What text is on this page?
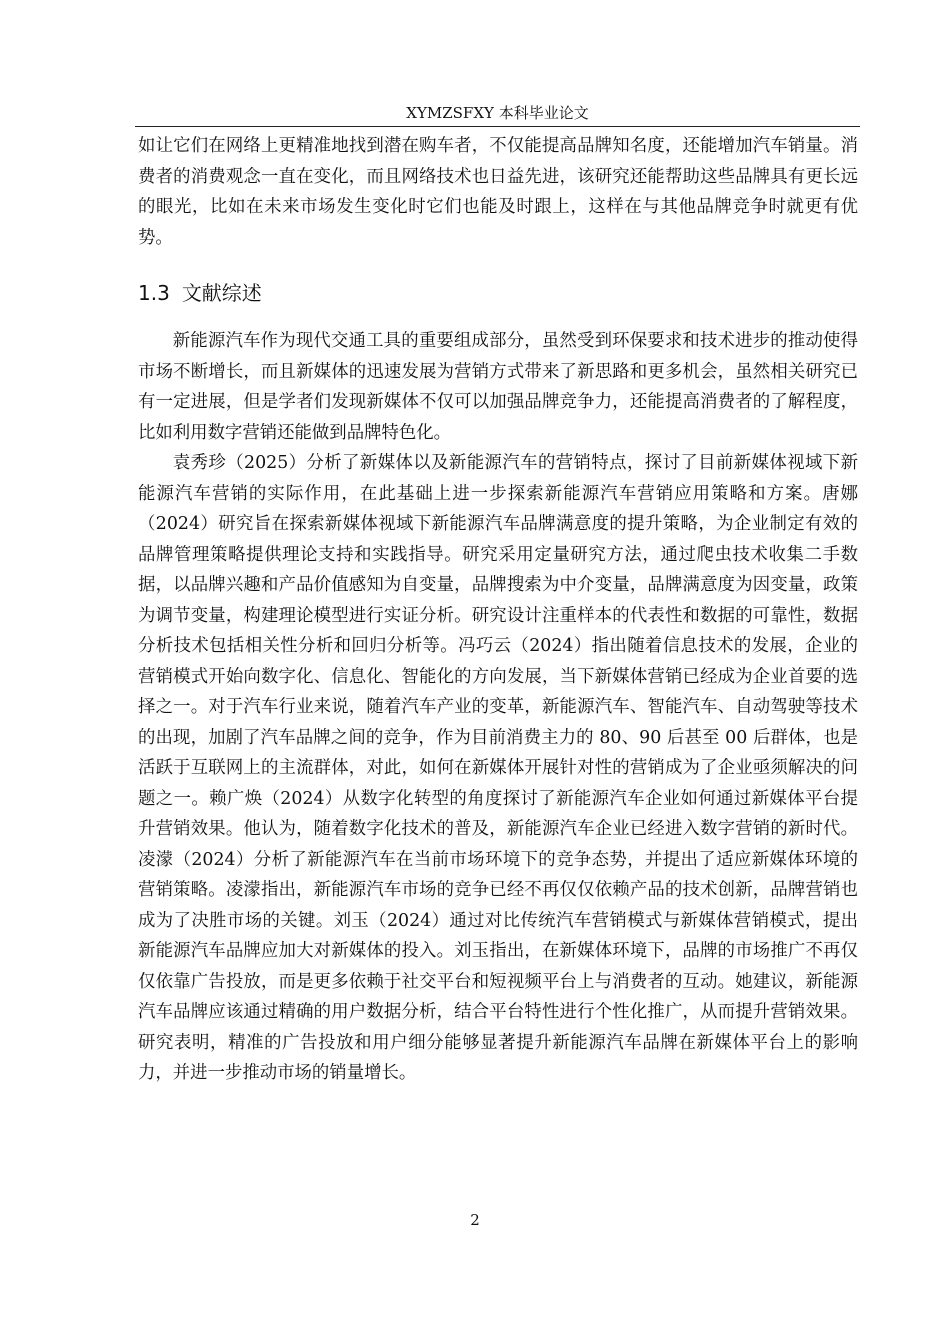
XYMZSFXY 本科毕业论文

如让它们在网络上更精准地找到潜在购车者，不仅能提高品牌知名度，还能增加汽车销量。消费者的消费观念一直在变化，而且网络技术也日益先进，该研究还能帮助这些品牌具有更长远的眼光，比如在未来市场发生变化时它们也能及时跟上，这样在与其他品牌竞争时就更有优势。

1.3 文献综述

新能源汽车作为现代交通工具的重要组成部分，虽然受到环保要求和技术进步的推动使得市场不断增长，而且新媒体的迅速发展为营销方式带来了新思路和更多机会，虽然相关研究已有一定进展，但是学者们发现新媒体不仅可以加强品牌竞争力，还能提高消费者的了解程度，比如利用数字营销还能做到品牌特色化。

袁秀珍（2025）分析了新媒体以及新能源汽车的营销特点，探讨了目前新媒体视域下新能源汽车营销的实际作用，在此基础上进一步探索新能源汽车营销应用策略和方案。唐娜（2024）研究旨在探索新媒体视域下新能源汽车品牌满意度的提升策略，为企业制定有效的品牌管理策略提供理论支持和实践指导。研究采用定量研究方法，通过爬虫技术收集二手数据，以品牌兴趣和产品价值感知为自变量，品牌搜索为中介变量，品牌满意度为因变量，政策为调节变量，构建理论模型进行实证分析。研究设计注重样本的代表性和数据的可靠性，数据分析技术包括相关性分析和回归分析等。冯巧云（2024）指出随着信息技术的发展，企业的营销模式开始向数字化、信息化、智能化的方向发展，当下新媒体营销已经成为企业首要的选择之一。对于汽车行业来说，随着汽车产业的变革，新能源汽车、智能汽车、自动驾驶等技术的出现，加剧了汽车品牌之间的竞争，作为目前消费主力的 80、90 后甚至 00 后群体，也是活跃于互联网上的主流群体，对此，如何在新媒体开展针对性的营销成为了企业亟须解决的问题之一。赖广焕（2024）从数字化转型的角度探讨了新能源汽车企业如何通过新媒体平台提升营销效果。他认为，随着数字化技术的普及，新能源汽车企业已经进入数字营销的新时代。凌濛（2024）分析了新能源汽车在当前市场环境下的竞争态势，并提出了适应新媒体环境的营销策略。凌濛指出，新能源汽车市场的竞争已经不再仅仅依赖产品的技术创新，品牌营销也成为了决胜市场的关键。刘玉（2024）通过对比传统汽车营销模式与新媒体营销模式，提出新能源汽车品牌应加大对新媒体的投入。刘玉指出，在新媒体环境下，品牌的市场推广不再仅仅依靠广告投放，而是更多依赖于社交平台和短视频平台上与消费者的互动。她建议，新能源汽车品牌应该通过精确的用户数据分析，结合平台特性进行个性化推广，从而提升营销效果。研究表明，精准的广告投放和用户细分能够显著提升新能源汽车品牌在新媒体平台上的影响力，并进一步推动市场的销量增长。

2
